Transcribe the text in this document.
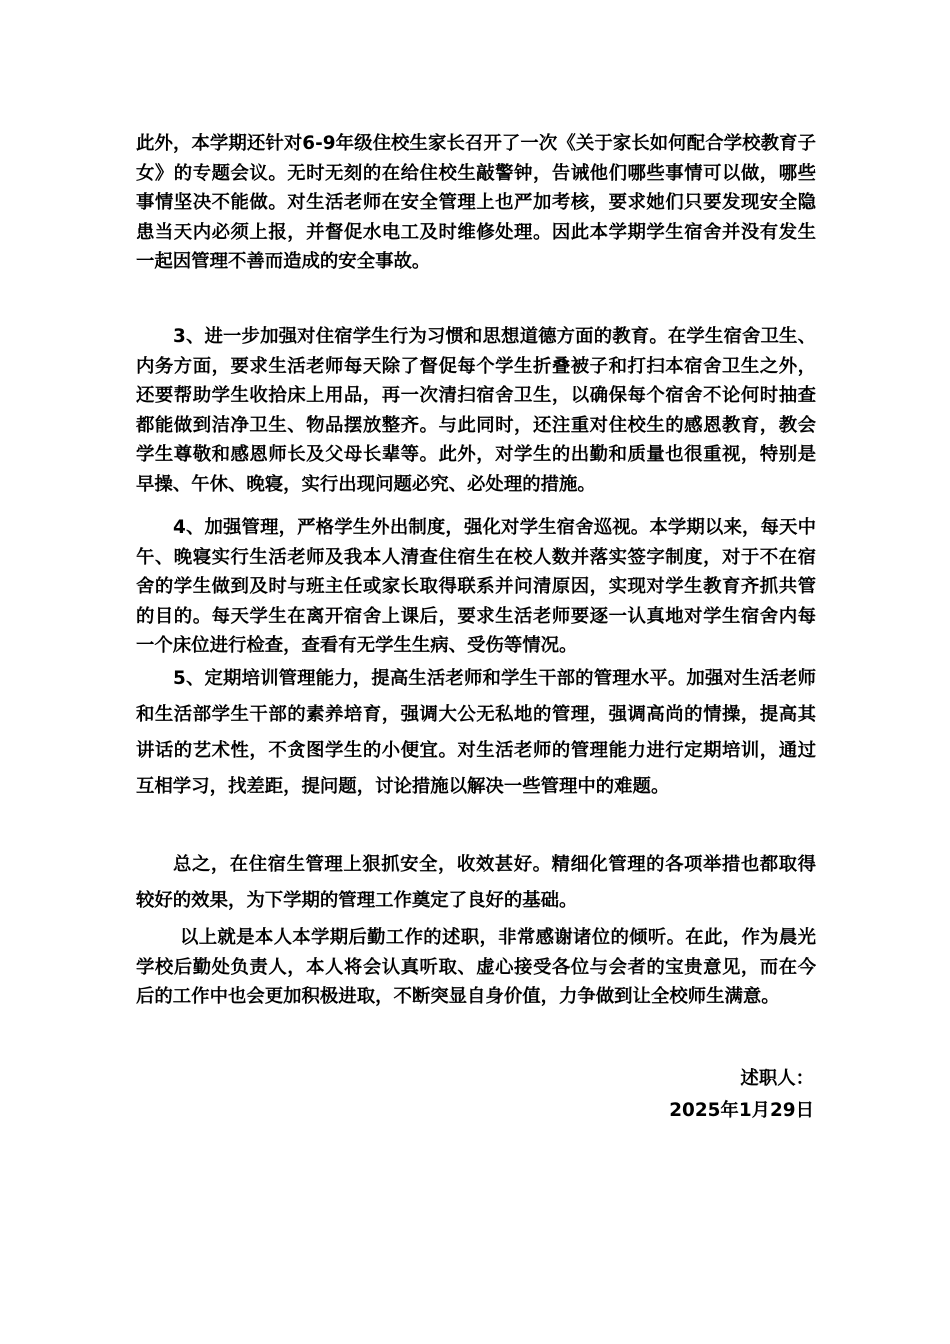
此外，本学期还针对6-9年级住校生家长召开了一次《关于家长如何配合学校教育子女》的专题会议。无时无刻的在给住校生敲警钟，告诫他们哪些事情可以做，哪些事情坚决不能做。对生活老师在安全管理上也严加考核，要求她们只要发现安全隐患当天内必须上报，并督促水电工及时维修处理。因此本学期学生宿舍并没有发生一起因管理不善而造成的安全事故。

3、进一步加强对住宿学生行为习惯和思想道德方面的教育。在学生宿舍卫生、内务方面，要求生活老师每天除了督促每个学生折叠被子和打扫本宿舍卫生之外，还要帮助学生收拾床上用品，再一次清扫宿舍卫生，以确保每个宿舍不论何时抽查都能做到洁净卫生、物品摆放整齐。与此同时，还注重对住校生的感恩教育，教会学生尊敬和感恩师长及父母长辈等。此外，对学生的出勤和质量也很重视，特别是早操、午休、晚寝，实行出现问题必究、必处理的措施。

4、加强管理，严格学生外出制度，强化对学生宿舍巡视。本学期以来，每天中午、晚寝实行生活老师及我本人清查住宿生在校人数并落实签字制度，对于不在宿舍的学生做到及时与班主任或家长取得联系并问清原因，实现对学生教育齐抓共管的目的。每天学生在离开宿舍上课后，要求生活老师要逐一认真地对学生宿舍内每一个床位进行检查，查看有无学生生病、受伤等情况。

5、定期培训管理能力，提高生活老师和学生干部的管理水平。加强对生活老师和生活部学生干部的素养培育，强调大公无私地的管理，强调高尚的情操，提高其讲话的艺术性，不贪图学生的小便宜。对生活老师的管理能力进行定期培训，通过互相学习，找差距，提问题，讨论措施以解决一些管理中的难题。

总之，在住宿生管理上狠抓安全，收效甚好。精细化管理的各项举措也都取得较好的效果，为下学期的管理工作奠定了良好的基础。

以上就是本人本学期后勤工作的述职，非常感谢诸位的倾听。在此，作为晨光学校后勤处负责人，本人将会认真听取、虚心接受各位与会者的宝贵意见，而在今后的工作中也会更加积极进取，不断突显自身价值，力争做到让全校师生满意。

述职人：

2025年1月29日
